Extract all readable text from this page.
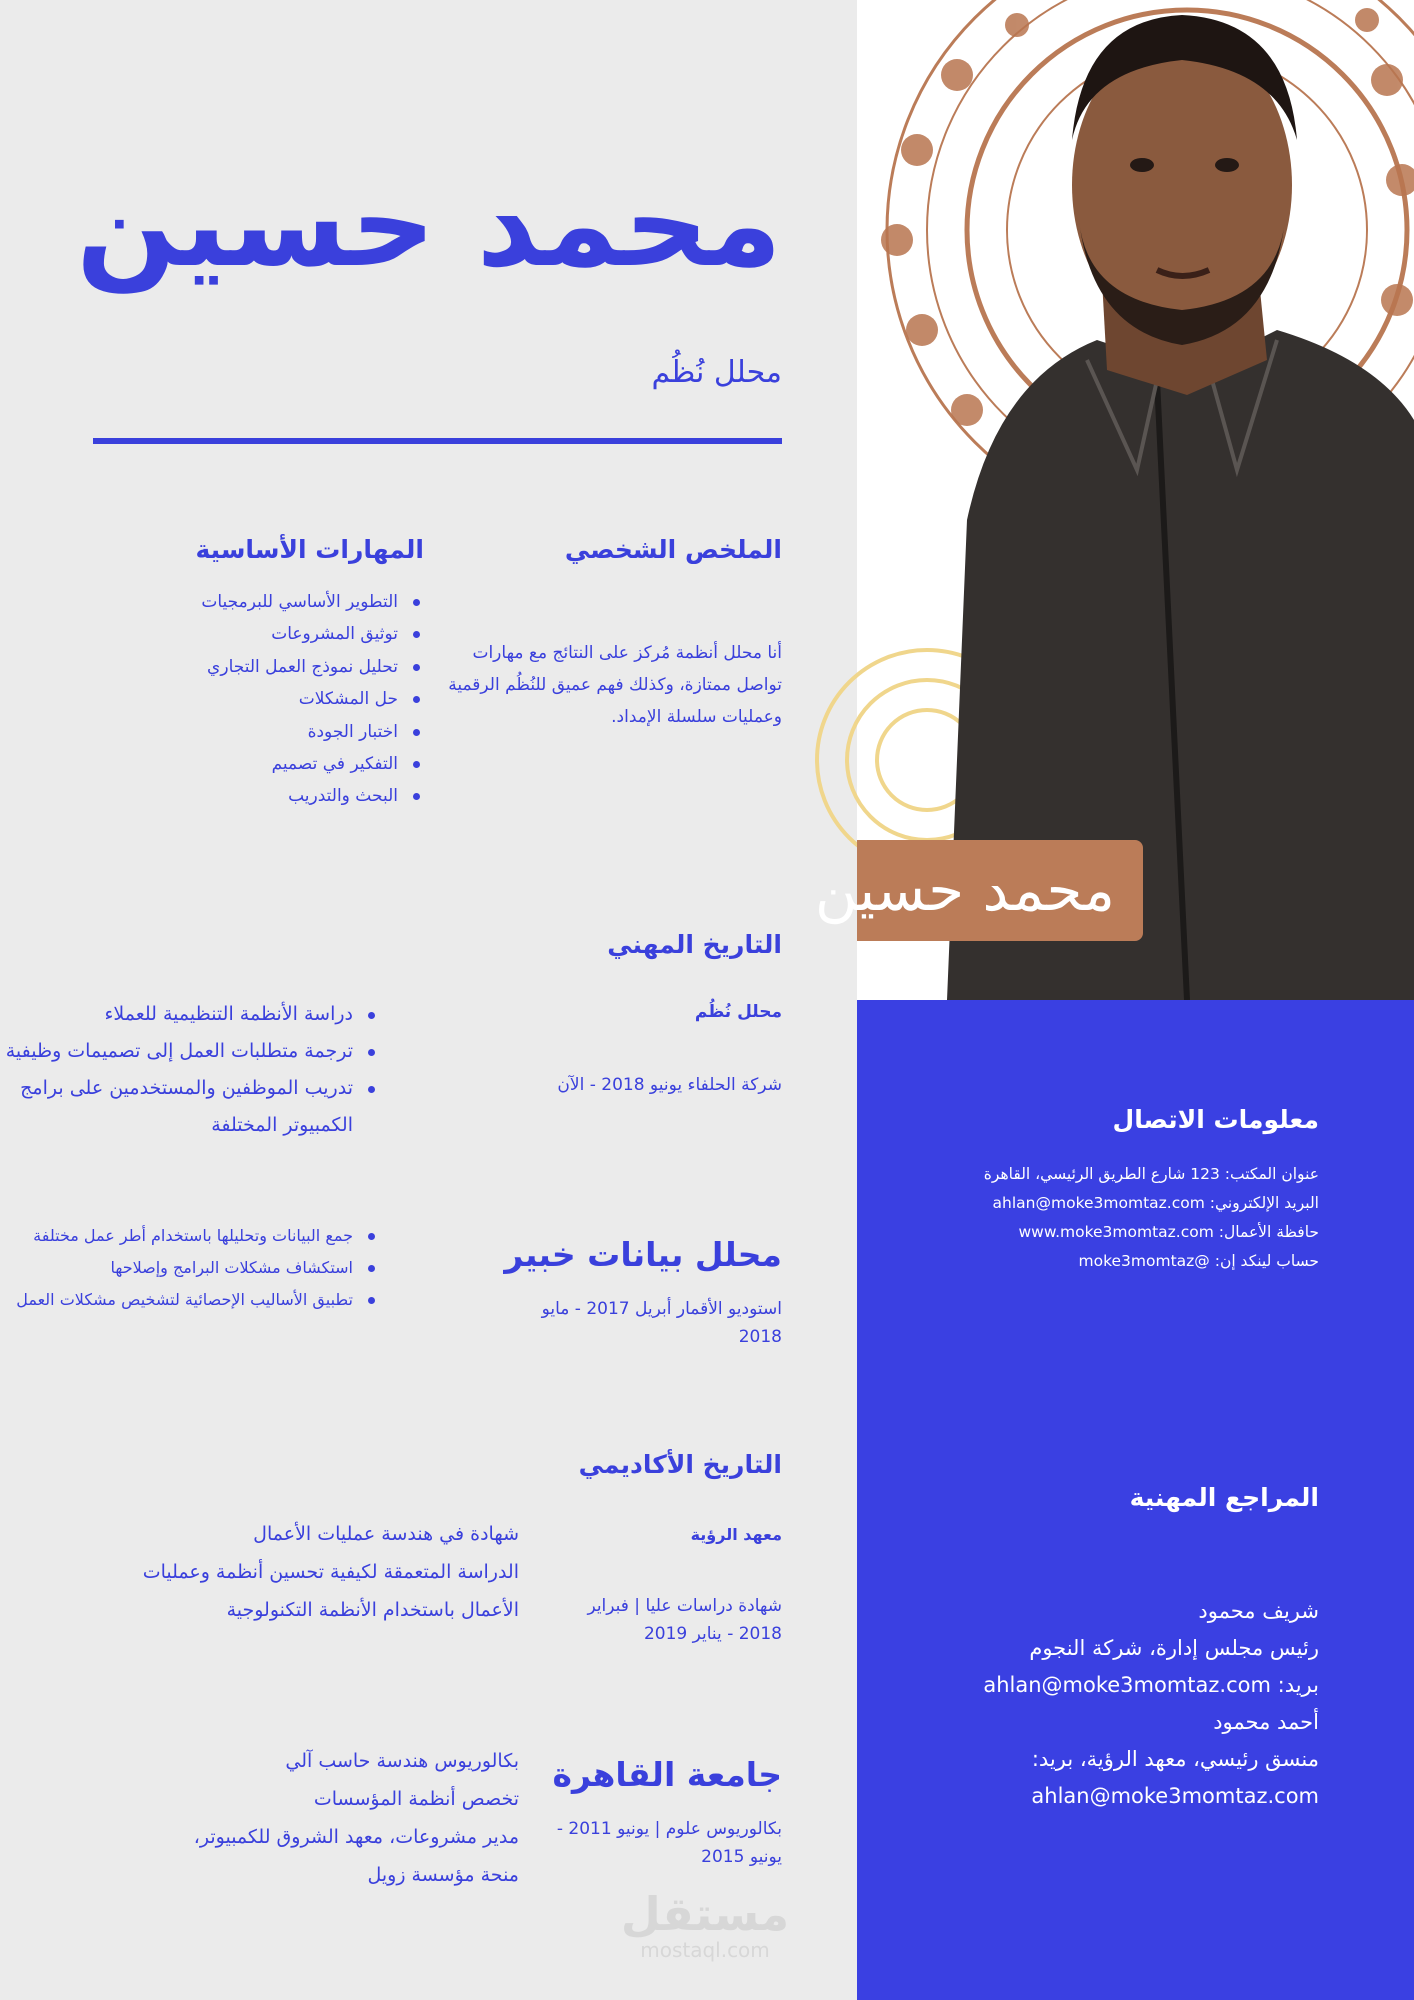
محمد حسين
محلل نُظُم
الملخص الشخصي
أنا محلل أنظمة مُركز على النتائج مع مهارات تواصل ممتازة، وكذلك فهم عميق للنُظُم الرقمية وعمليات سلسلة الإمداد.
المهارات الأساسية
التطوير الأساسي للبرمجيات
توثيق المشروعات
تحليل نموذج العمل التجاري
حل المشكلات
اختبار الجودة
التفكير في تصميم
البحث والتدريب
التاريخ المهني
محلل نُظُم
شركة الحلفاء يونيو 2018 - الآن
دراسة الأنظمة التنظيمية للعملاء
ترجمة متطلبات العمل إلى تصميمات وظيفية
تدريب الموظفين والمستخدمين على برامج الكمبيوتر المختلفة
محلل بيانات خبير
استوديو الأقمار أبريل 2017 - مايو 2018
جمع البيانات وتحليلها باستخدام أطر عمل مختلفة
استكشاف مشكلات البرامج وإصلاحها
تطبيق الأساليب الإحصائية لتشخيص مشكلات العمل
التاريخ الأكاديمي
معهد الرؤية
شهادة دراسات عليا | فبراير 2018 - يناير 2019
شهادة في هندسة عمليات الأعمال
الدراسة المتعمقة لكيفية تحسين أنظمة وعمليات الأعمال باستخدام الأنظمة التكنولوجية
جامعة القاهرة
بكالوريوس علوم | يونيو 2011 - يونيو 2015
بكالوريوس هندسة حاسب آلي
تخصص أنظمة المؤسسات
مدير مشروعات، معهد الشروق للكمبيوتر،
منحة مؤسسة زويل
مستقل
mostaql.com
محمد حسين
معلومات الاتصال
عنوان المكتب: 123 شارع الطريق الرئيسي، القاهرة
البريد الإلكتروني: ahlan@moke3momtaz.com
حافظة الأعمال: www.moke3momtaz.com
حساب لينكد إن: @moke3momtaz
المراجع المهنية
شريف محمود
رئيس مجلس إدارة، شركة النجوم
بريد: ahlan@moke3momtaz.com
أحمد محمود
منسق رئيسي، معهد الرؤية، بريد:
ahlan@moke3momtaz.com
